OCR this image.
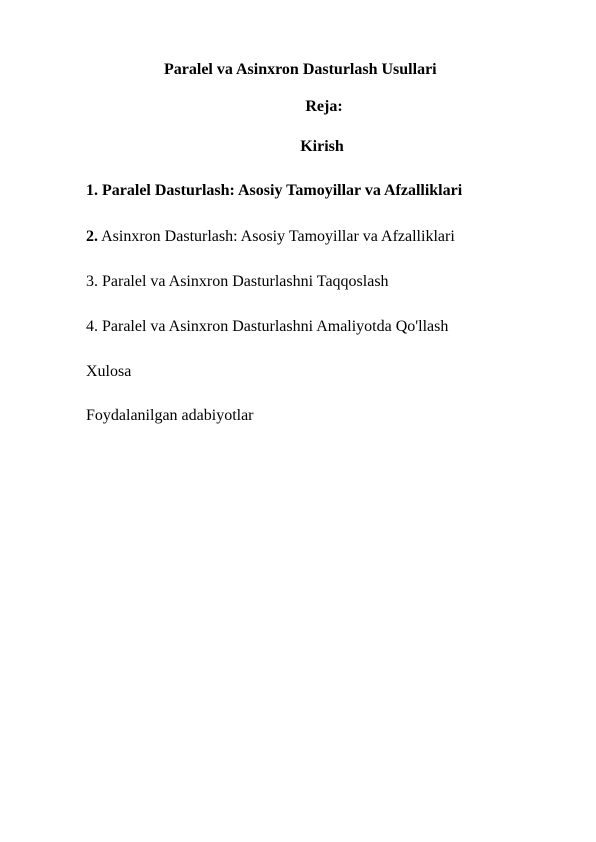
Paralel va Asinxron Dasturlash Usullari
Reja:
Kirish
1. Paralel Dasturlash: Asosiy Tamoyillar va Afzalliklari
2. Asinxron Dasturlash: Asosiy Tamoyillar va Afzalliklari
3. Paralel va Asinxron Dasturlashni Taqqoslash
4. Paralel va Asinxron Dasturlashni Amaliyotda Qo'llash
Xulosa
Foydalanilgan adabiyotlar
